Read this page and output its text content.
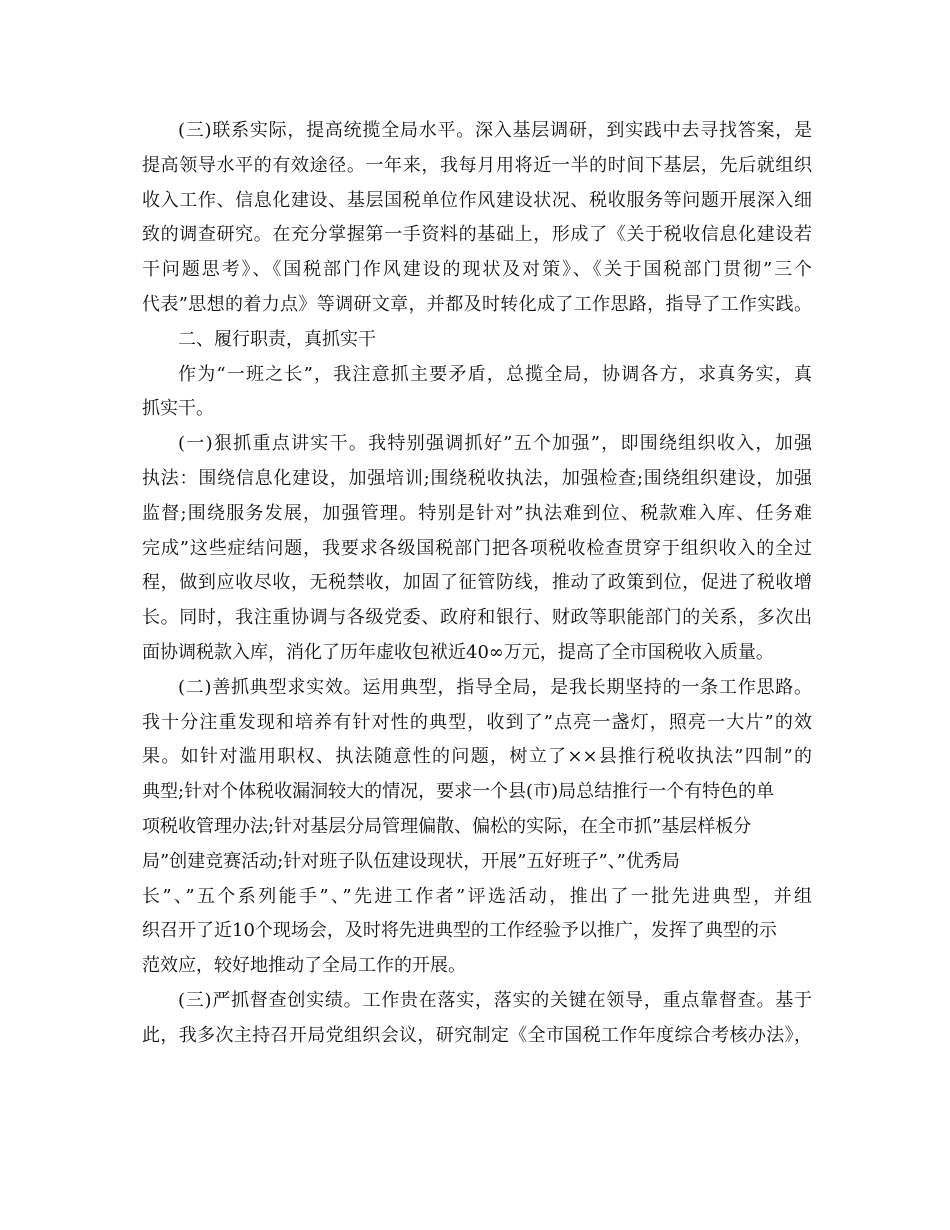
(三)联系实际，提高统揽全局水平。深入基层调研，到实践中去寻找答案，是
提高领导水平的有效途径。一年来，我每月用将近一半的时间下基层，先后就组织
收入工作、信息化建设、基层国税单位作风建设状况、税收服务等问题开展深入细
致的调查研究。在充分掌握第一手资料的基础上，形成了《关于税收信息化建设若
干问题思考》、《国税部门作风建设的现状及对策》、《关于国税部门贯彻”三个
代表”思想的着力点》等调研文章，并都及时转化成了工作思路，指导了工作实践。
二、履行职责，真抓实干
作为“一班之长”，我注意抓主要矛盾，总揽全局，协调各方，求真务实，真
抓实干。
(一)狠抓重点讲实干。我特别强调抓好”五个加强”，即围绕组织收入，加强
执法：围绕信息化建设，加强培训;围绕税收执法，加强检查;围绕组织建设，加强
监督;围绕服务发展，加强管理。特别是针对”执法难到位、税款难入库、任务难
完成”这些症结问题，我要求各级国税部门把各项税收检查贯穿于组织收入的全过
程，做到应收尽收，无税禁收，加固了征管防线，推动了政策到位，促进了税收增
长。同时，我注重协调与各级党委、政府和银行、财政等职能部门的关系，多次出
面协调税款入库，消化了历年虚收包袱近40∞万元，提高了全市国税收入质量。
(二)善抓典型求实效。运用典型，指导全局，是我长期坚持的一条工作思路。
我十分注重发现和培养有针对性的典型，收到了”点亮一盏灯，照亮一大片”的效
果。如针对滥用职权、执法随意性的问题，树立了××县推行税收执法”四制”的
典型;针对个体税收漏洞较大的情况，要求一个县(市)局总结推行一个有特色的单
项税收管理办法;针对基层分局管理偏散、偏松的实际，在全市抓”基层样板分
局”创建竞赛活动;针对班子队伍建设现状，开展”五好班子”、”优秀局
长”、”五个系列能手”、”先进工作者”评选活动，推出了一批先进典型，并组
织召开了近10个现场会，及时将先进典型的工作经验予以推广，发挥了典型的示
范效应，较好地推动了全局工作的开展。
(三)严抓督查创实绩。工作贵在落实，落实的关键在领导，重点靠督查。基于
此，我多次主持召开局党组织会议，研究制定《全市国税工作年度综合考核办法》，
